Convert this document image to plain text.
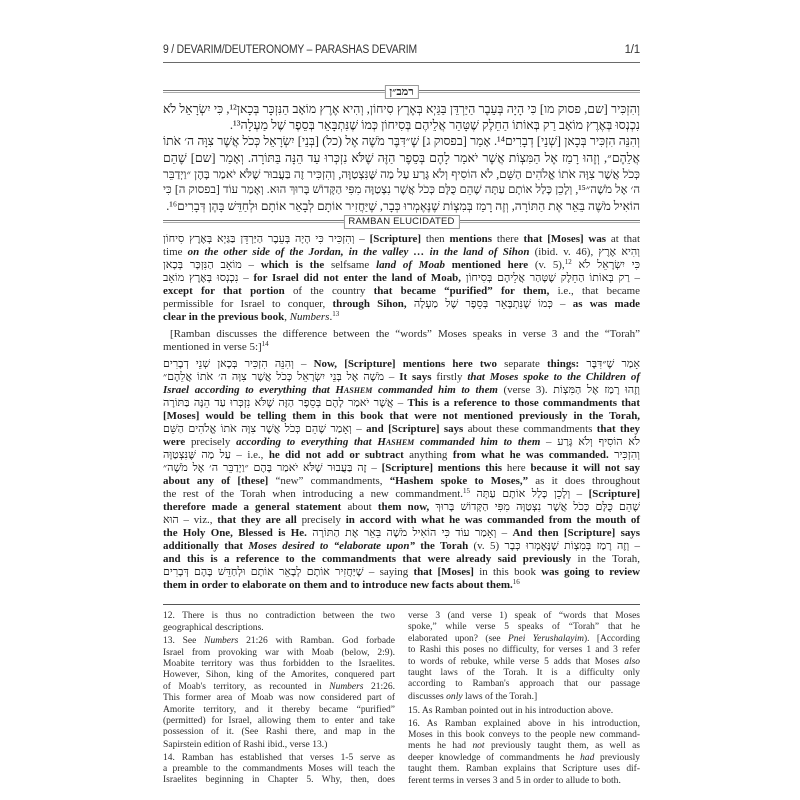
9 / DEVARIM/DEUTERONOMY – PARASHAS DEVARIM	1/1
רמב״ן
וְהִזְכִּיר [שם, פסוק מו] כִּי הָיָה בְּעֵבֶר הַיַּרְדֵּן בַּגַּיְא בְּאֶרֶץ סִיחוֹן, וְהִיא אֶרֶץ מוֹאָב הַנִּזְכָּר בְּכָאן¹², כִּי יִשְׂרָאֵל לֹא
נִכְנְסוּ בְּאֶרֶץ מוֹאָב רַק בְּאוֹתוֹ הַחֵלֶק שֶׁטָּהַר אֲלֵיהֶם בְּסִיחוֹן כְּמוֹ שֶׁנִּתְבָּאֵר בְּסֵפֶר שֶׁל מַעְלָה¹³.
וְהִנֵּה הִזְכִּיר בְּכָאן [שְׁנֵי] דְבָרִים¹⁴. אָמַר [בפסוק ג] שֶׁ״דִּבֶּר מֹשֶׁה אֶל (כל) [בְּנֵי] יִשְׂרָאֵל כְּכֹל אֲשֶׁר צִוָּה ה׳ אֹתוֹ
אֲלֵהֶם״, וְזֶהוּ רָמַז אֶל הַמִּצְוֹת אֲשֶׁר יֹאמַר לָהֶם בְּסֵפֶר הַזֶּה שֶׁלֹּא נִזְכְּרוּ עַד הֵנָּה בַּתּוֹרָה. וְאָמַר [שם] שֶׁהֵם
כְּכֹל אֲשֶׁר צִוָּה אֹתוֹ אֱלֹהִים הַשֵּׁם, לֹא הוֹסִיף וְלֹא גָּרַע עַל מַה שֶּׁנִּצְטַוָּה, וְהִזְכִּיר זֶה בַּעֲבוּר שֶׁלֹּא יֹאמַר בָּהֶן ״וַיְדַבֵּר
ה׳ אֶל מֹשֶׁה״¹⁵, וְלָכֵן כָּלַל אוֹתָם עַתָּה שֶׁהֵם כֻּלָּם כְּכֹל אֲשֶׁר נִצְטַוָּה מִפִּי הַקָּדוֹשׁ בָּרוּךְ הוּא. וְאָמַר עוֹד [בפסוק ה] כִּי
הוֹאִיל מֹשֶׁה בֵּאֵר אֶת הַתּוֹרָה, וְזֶה רָמַז בְּמִצְוֹת שֶׁנֶּאֶמְרוּ כְּבָר, שֶׁיַּחֲזִיר אוֹתָם לְבָאֵר אוֹתָם וּלְחַדֵּשׁ בָּהֶן דְּבָרִים¹⁶.
RAMBAN ELUCIDATED
וְהִזְכִּיר כִּי הָיָה בְּעֵבֶר הַיַּרְדֵּן בַּגַּיְא בְּאֶרֶץ סִיחוֹן – [Scripture] then mentions there that [Moses] was at that
time on the other side of the Jordan, in the valley … in the land of Sihon (ibid. v. 46), וְהִיא אֶרֶץ
מוֹאָב הַנִּזְכָּר בְּכָאן – which is the selfsame land of Moab mentioned here (v. 5),$^{12}$ כִּי יִשְׂרָאֵל לֹא
נִכְנְסוּ בְּאֶרֶץ מוֹאָב – for Israel did not enter the land of Moab, רַק בְּאוֹתוֹ הַחֵלֶק שֶׁטָּהַר אֲלֵיהֶם בְּסִיחוֹן –
except for that portion of the country that became “purified” for them, i.e., that became
permissible for Israel to conquer, through Sihon, כְּמוֹ שֶׁנִּתְבָּאֵר בְּסֵפֶר שֶׁל מַעְלָה – as was made
clear in the previous book, Numbers.$^{13}$
[Ramban discusses the difference between the “words” Moses speaks in verse 3 and the “Torah”
mentioned in verse 5:]$^{14}$
וְהִנֵּה הִזְכִּיר בְּכָאן שְׁנֵי דְבָרִים – Now, [Scripture] mentions here two separate things: אָמַר שֶׁ״דִּבֶּר
מֹשֶׁה אֶל בְּנֵי יִשְׂרָאֵל כְּכֹל אֲשֶׁר צִוָּה ה׳ אֹתוֹ אֲלֵהֶם״ – It says firstly that Moses spoke to the Children of
Israel according to everything that Hashem commanded him to them (verse 3). וְזֶהוּ רָמַז אֶל הַמִּצְוֹת
אֲשֶׁר יֹאמַר לָהֶם בְּסֵפֶר הַזֶּה שֶׁלֹּא נִזְכְּרוּ עַד הֵנָּה בַּתּוֹרָה – This is a reference to those commandments that
[Moses] would be telling them in this book that were not mentioned previously in the Torah,
וְאָמַר שֶׁהֵם כְּכֹל אֲשֶׁר צִוָּה אֹתוֹ אֱלֹהִים הַשֵּׁם – and [Scripture] says about these commandments that they
were precisely according to everything that Hashem commanded him to them – לֹא הוֹסִיף וְלֹא גָּרַע
עַל מַה שֶּׁנִּצְטַוָּה – i.e., he did not add or subtract anything from what he was commanded. וְהִזְכִּיר
זֶה בַּעֲבוּר שֶׁלֹּא יֹאמַר בָּהֶם ״וַיְדַבֵּר ה׳ אֶל מֹשֶׁה״ – [Scripture] mentions this here because it will not say
about any of [these] “new” commandments, “Hashem spoke to Moses,” as it does throughout
the rest of the Torah when introducing a new commandment.$^{15}$ וְלָכֵן כָּלַל אוֹתָם עַתָּה – [Scripture]
therefore made a general statement about them now, שֶׁהֵם כֻּלָּם כְּכֹל אֲשֶׁר נִצְטַוָּה מִפִּי הַקָּדוֹשׁ בָּרוּךְ
הוּא – viz., that they are all precisely in accord with what he was commanded from the mouth of
the Holy One, Blessed is He. וְאָמַר עוֹד כִּי הוֹאִיל מֹשֶׁה בֵּאֵר אֶת הַתּוֹרָה – And then [Scripture] says
additionally that Moses desired to “elaborate upon” the Torah (v. 5) וְזֶה רָמַז בְּמִצְוֹת שֶׁנֶּאֶמְרוּ כְּבָר –
and this is a reference to the commandments that were already said previously in the Torah,
שֶׁיַּחֲזִיר אוֹתָם לְבָאֵר אוֹתָם וּלְחַדֵּשׁ בָּהֶם דְּבָרִים – saying that [Moses] in this book was going to review
them in order to elaborate on them and to introduce new facts about them.$^{16}$
12. There is thus no contradiction between the two
geographical descriptions.
13. See Numbers 21:26 with Ramban. God forbade
Israel from provoking war with Moab (below, 2:9).
Moabite territory was thus forbidden to the Israelites.
However, Sihon, king of the Amorites, conquered part
of Moab's territory, as recounted in Numbers 21:26.
This former area of Moab was now considered part of
Amorite territory, and it thereby became “purified”
(permitted) for Israel, allowing them to enter and take
possession of it. (See Rashi there, and map in the
Sapirstein edition of Rashi ibid., verse 13.)
14. Ramban has established that verses 1-5 serve as
a preamble to the commandments Moses will teach the
Israelites beginning in Chapter 5. Why, then, does
verse 3 (and verse 1) speak of “words that Moses
spoke,” while verse 5 speaks of “Torah” that he
elaborated upon? (see Pnei Yerushalayim). [According
to Rashi this poses no difficulty, for verses 1 and 3 refer
to words of rebuke, while verse 5 adds that Moses also
taught laws of the Torah. It is a difficulty only
according to Ramban's approach that our passage
discusses only laws of the Torah.]
15. As Ramban pointed out in his introduction above.
16. As Ramban explained above in his introduction,
Moses in this book conveys to the people new command-
ments he had not previously taught them, as well as
deeper knowledge of commandments he had previously
taught them. Ramban explains that Scripture uses dif-
ferent terms in verses 3 and 5 in order to allude to both.
